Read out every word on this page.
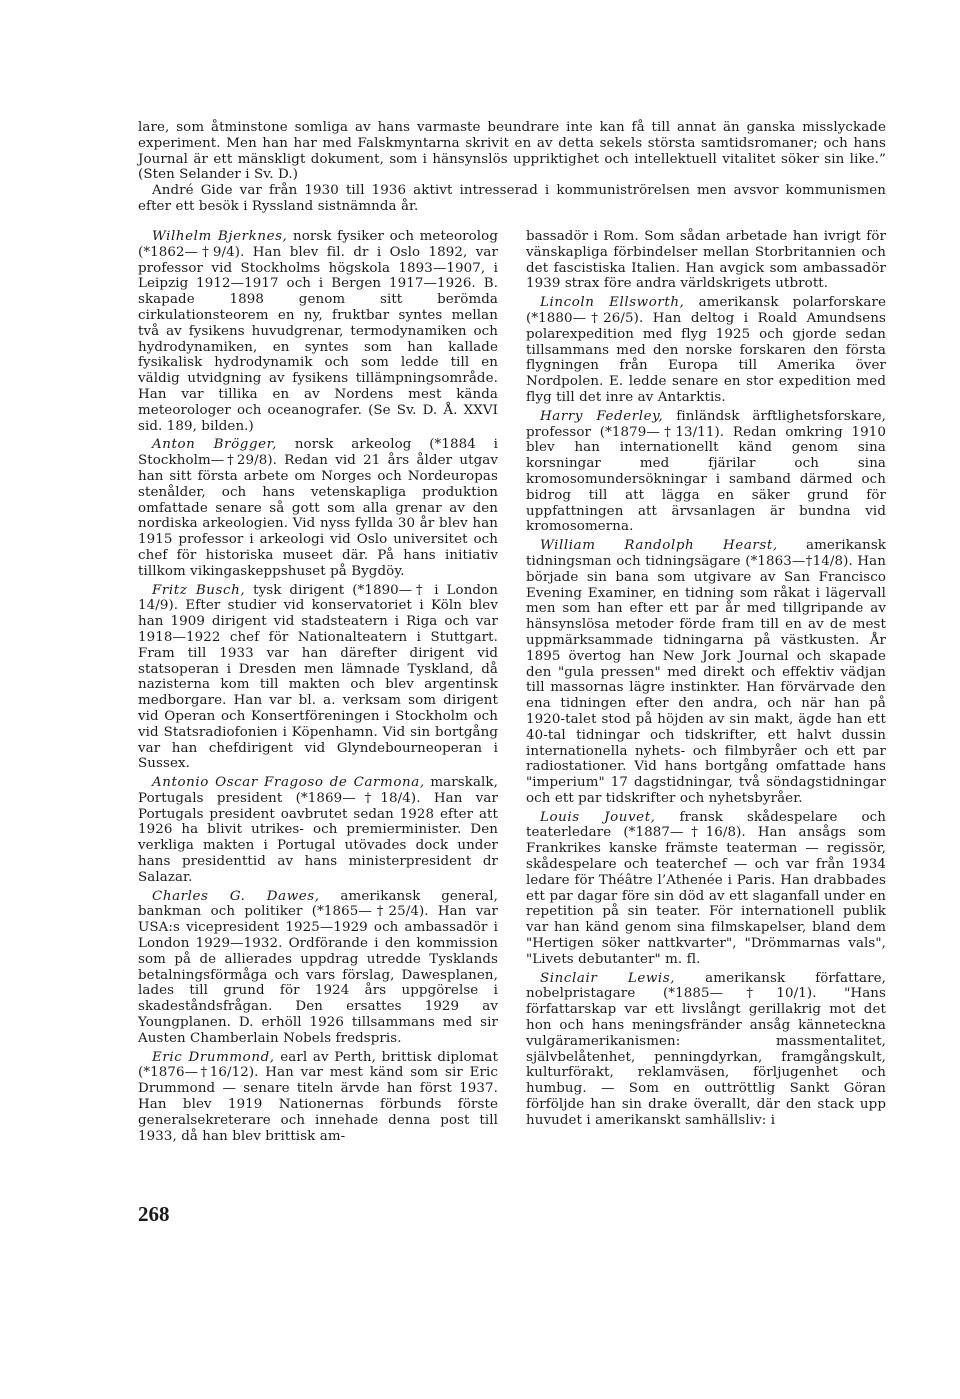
lare, som åtminstone somliga av hans varmaste beundrare inte kan få till annat än ganska misslyckade experiment. Men han har med Falskmyntarna skrivit en av detta sekels största samtidsromaner; och hans Journal är ett mänskligt dokument, som i hänsynslös uppriktighet och intellektuell vitalitet söker sin like.” (Sten Selander i Sv. D.)

André Gide var från 1930 till 1936 aktivt intresserad i kommuniströrelsen men avsvor kommunismen efter ett besök i Ryssland sistnämnda år.

Wilhelm Bjerknes, norsk fysiker och meteorolog (*1862—†9/4). Han blev fil. dr i Oslo 1892, var professor vid Stockholms högskola 1893—1907, i Leipzig 1912—1917 och i Bergen 1917—1926. B. skapade 1898 genom sitt berömda cirkulationsteorem en ny, fruktbar syntes mellan två av fysikens huvudgrenar, termodynamiken och hydrodynamiken, en syntes som han kallade fysikalisk hydrodynamik och som ledde till en väldig utvidgning av fysikens tillämpningsområde. Han var tillika en av Nordens mest kända meteorologer och oceanografer. (Se Sv. D. Å. XXVI sid. 189, bilden.)

Anton Brögger, norsk arkeolog (*1884 i Stockholm—†29/8). Redan vid 21 års ålder utgav han sitt första arbete om Norges och Nordeuropas stenålder, och hans vetenskapliga produktion omfattade senare så gott som alla grenar av den nordiska arkeologien. Vid nyss fyllda 30 år blev han 1915 professor i arkeologi vid Oslo universitet och chef för historiska museet där. På hans initiativ tillkom vikingaskeppshuset på Bygdöy.

Fritz Busch, tysk dirigent (*1890—† i London 14/9). Efter studier vid konservatoriet i Köln blev han 1909 dirigent vid stadsteatern i Riga och var 1918—1922 chef för Nationalteatern i Stuttgart. Fram till 1933 var han därefter dirigent vid statsoperan i Dresden men lämnade Tyskland, då nazisterna kom till makten och blev argentinsk medborgare. Han var bl. a. verksam som dirigent vid Operan och Konsertföreningen i Stockholm och vid Statsradiofonien i Köpenhamn. Vid sin bortgång var han chefdirigent vid Glyndebourneoperan i Sussex.

Antonio Oscar Fragoso de Carmona, marskalk, Portugals president (*1869—†18/4). Han var Portugals president oavbrutet sedan 1928 efter att 1926 ha blivit utrikes- och premierminister. Den verkliga makten i Portugal utövades dock under hans presidenttid av hans ministerpresident dr Salazar.

Charles G. Dawes, amerikansk general, bankman och politiker (*1865—†25/4). Han var USA:s vicepresident 1925—1929 och ambassadör i London 1929—1932. Ordförande i den kommission som på de allierades uppdrag utredde Tysklands betalningsförmåga och vars förslag, Dawesplanen, lades till grund för 1924 års uppgörelse i skadeståndsfrågan. Den ersattes 1929 av Youngplanen. D. erhöll 1926 tillsammans med sir Austen Chamberlain Nobels fredspris.

Eric Drummond, earl av Perth, brittisk diplomat (*1876—†16/12). Han var mest känd som sir Eric Drummond — senare titeln ärvde han först 1937. Han blev 1919 Nationernas förbunds förste generalsekreterare och innehade denna post till 1933, då han blev brittisk am-

bassadör i Rom. Som sådan arbetade han ivrigt för vänskapliga förbindelser mellan Storbritannien och det fascistiska Italien. Han avgick som ambassadör 1939 strax före andra världskrigets utbrott.

Lincoln Ellsworth, amerikansk polarforskare (*1880—†26/5). Han deltog i Roald Amundsens polarexpedition med flyg 1925 och gjorde sedan tillsammans med den norske forskaren den första flygningen från Europa till Amerika över Nordpolen. E. ledde senare en stor expedition med flyg till det inre av Antarktis.

Harry Federley, finländsk ärftlighetsforskare, professor (*1879—†13/11). Redan omkring 1910 blev han internationellt känd genom sina korsningar med fjärilar och sina kromosomundersökningar i samband därmed och bidrog till att lägga en säker grund för uppfattningen att ärvsanlagen är bundna vid kromosomerna.

William Randolph Hearst, amerikansk tidningsman och tidningsägare (*1863—†14/8). Han började sin bana som utgivare av San Francisco Evening Examiner, en tidning som råkat i lägervall men som han efter ett par år med tillgripande av hänsynslösa metoder förde fram till en av de mest uppmärksammade tidningarna på västkusten. År 1895 övertog han New Jork Journal och skapade den "gula pressen" med direkt och effektiv vädjan till massornas lägre instinkter. Han förvärvade den ena tidningen efter den andra, och när han på 1920-talet stod på höjden av sin makt, ägde han ett 40-tal tidningar och tidskrifter, ett halvt dussin internationella nyhets- och filmbyråer och ett par radiostationer. Vid hans bortgång omfattade hans "imperium" 17 dagstidningar, två söndagstidningar och ett par tidskrifter och nyhetsbyråer.

Louis Jouvet, fransk skådespelare och teaterledare (*1887—†16/8). Han ansågs som Frankrikes kanske främste teaterman — regissör, skådespelare och teaterchef — och var från 1934 ledare för Théâtre l’Athenée i Paris. Han drabbades ett par dagar före sin död av ett slaganfall under en repetition på sin teater. För internationell publik var han känd genom sina filmskapelser, bland dem "Hertigen söker nattkvarter", "Drömmarnas vals", "Livets debutanter" m. fl.

Sinclair Lewis, amerikansk författare, nobelpristagare (*1885—†10/1). "Hans författarskap var ett livslångt gerillakrig mot det hon och hans meningsfränder ansåg känneteckna vulgäramerikanismen: massmentalitet, självbelåtenhet, penningdyrkan, framgångskult, kulturförakt, reklamväsen, förljugenhet och humbug. — Som en outtröttlig Sankt Göran förföljde han sin drake överallt, där den stack upp huvudet i amerikanskt samhällsliv: i

268
